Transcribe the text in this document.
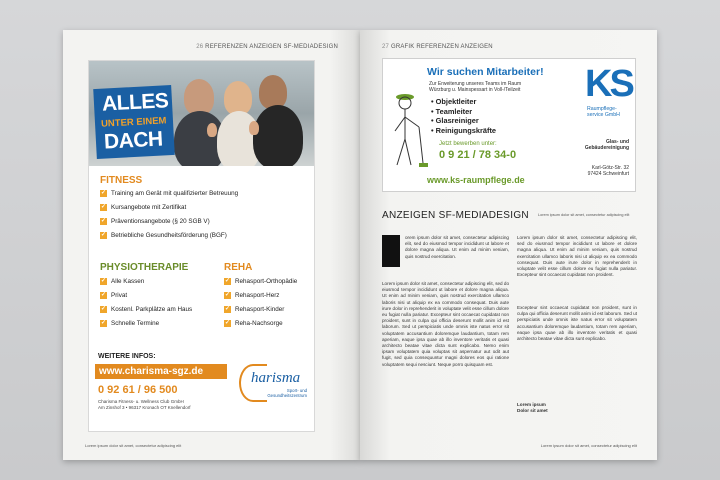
26 REFERENZEN ANZEIGEN SF-MEDIADESIGN
ALLES
UNTER EINEM
DACH
FITNESS
✓ Training am Gerät mit qualifizierter Betreuung
✓ Kursangebote mit Zertifikat
✓ Präventionsangebote (§ 20 SGB V)
✓ Betriebliche Gesundheitsförderung (BGF)
PHYSIOTHERAPIE
✓ Alle Kassen
✓ Privat
✓ Kostenl. Parkplätze am Haus
✓ Schnelle Termine
REHA
✓ Rehasport-Orthopädie
✓ Rehasport-Herz
✓ Rehasport-Kinder
✓ Reha-Nachsorge
WEITERE INFOS:
www.charisma-sgz.de
0 92 61 / 96 500
Charisma Fitness- u. Wellness Club GmbH
Am Zinshof 3 • 96317 Kronach OT Knellendorf
harisma
Sport- und Gesundheitszentrum
Lorem ipsum dolor sit amet, consectetur adipiscing elit
27 GRAFIK REFERENZEN ANZEIGEN
Wir suchen Mitarbeiter!
Zur Erweiterung unseres Teams im Raum
Würzburg u. Mainspessart in Voll-/Teilzeit
• Objektleiter
• Teamleiter
• Glasreiniger
• Reinigungskräfte
Jetzt bewerben unter:
0 9 21 / 78 34-0
www.ks-raumpflege.de
KS
Raumpflege-
service GmbH
Glas- und
Gebäudereinigung
Karl-Götz-Str. 32
97424 Schweinfurt
ANZEIGEN SF-MEDIADESIGN Lorem ipsum dolor sit amet, consectetur adipiscing elit
orem ipsum dolor sit amet, consectetur adipiscing elit, sed do eiusmod tempor incididunt ut labore et dolore magna aliqua. Ut enim ad minim veniam, quis nostrud exercitation.
Lorem ipsum dolor sit amet, consectetur adipiscing elit, sed do eiusmod tempor incididunt ut labore et dolore magna aliqua. Ut enim ad minim veniam, quis nostrud exercitation ullamco laboris nisi ut aliquip ex ea commodo consequat. Duis aute irure dolor in reprehenderit in voluptate velit esse cillum dolore eu fugiat nulla pariatur. Excepteur sint occaecat cupidatat non proident, sunt in culpa qui officia deserunt mollit anim id est laborum. Sed ut perspiciatis unde omnis iste natus error sit voluptatem accusantium doloremque laudantium, totam rem aperiam, eaque ipsa quae ab illo inventore veritatis et quasi architecto beatae vitae dicta sunt explicabo. Nemo enim ipsam voluptatem quia voluptas sit aspernatur aut odit aut fugit, sed quia consequuntur magni dolores eos qui ratione voluptatem sequi nesciunt. Neque porro quisquam est.
Lorem ipsum dolor sit amet, consectetur adipiscing elit, sed do eiusmod tempor incididunt ut labore et dolore magna aliqua. Ut enim ad minim veniam, quis nostrud exercitation ullamco laboris nisi ut aliquip ex ea commodo consequat. Duis aute irure dolor in reprehenderit in voluptate velit esse cillum dolore eu fugiat nulla pariatur. Excepteur sint occaecat cupidatat non proident.
Excepteur sint occaecat cupidatat non proident, sunt in culpa qui officia deserunt mollit anim id est laborum. Sed ut perspiciatis unde omnis iste natus error sit voluptatem accusantium doloremque laudantium, totam rem aperiam, eaque ipsa quae ab illo inventore veritatis et quasi architecto beatae vitae dicta sunt explicabo.
Lorem ipsum
Dolor sit amet
Lorem ipsum dolor sit amet, consectetur adipiscing elit
